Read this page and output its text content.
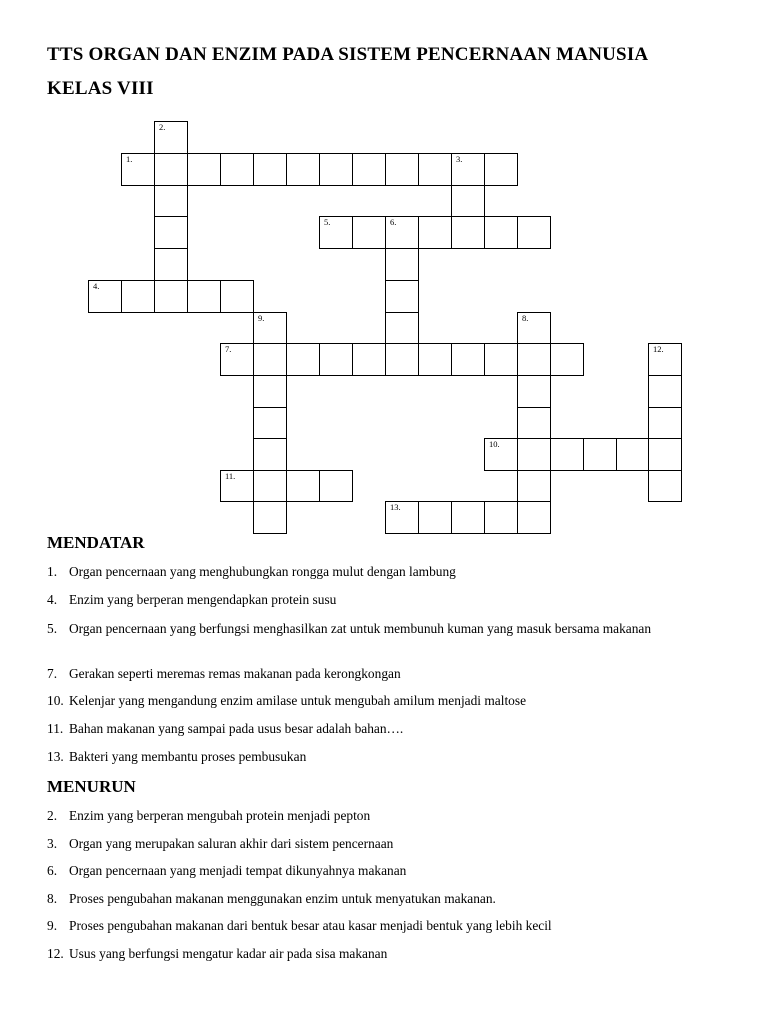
TTS ORGAN DAN ENZIM PADA SISTEM PENCERNAAN MANUSIA
KELAS VIII
2.
1.	3.
5.	6.
4.
9.	8.
7.	12.
10.
11.
13.
MENDATAR

1. Organ pencernaan yang menghubungkan rongga mulut dengan lambung

4. Enzim yang berperan mengendapkan protein susu

5. Organ pencernaan yang berfungsi menghasilkan zat untuk membunuh kuman yang masuk bersama makanan

7. Gerakan seperti meremas remas makanan pada kerongkongan

10. Kelenjar yang mengandung enzim amilase untuk mengubah amilum menjadi maltose

11. Bahan makanan yang sampai pada usus besar adalah bahan….

13. Bakteri yang membantu proses pembusukan

MENURUN

2. Enzim yang berperan mengubah protein menjadi pepton

3. Organ yang merupakan saluran akhir dari sistem pencernaan

6. Organ pencernaan yang menjadi tempat dikunyahnya makanan

8. Proses pengubahan makanan menggunakan enzim untuk menyatukan makanan.

9. Proses pengubahan makanan dari bentuk besar atau kasar menjadi bentuk yang lebih kecil

12. Usus yang berfungsi mengatur kadar air pada sisa makanan
